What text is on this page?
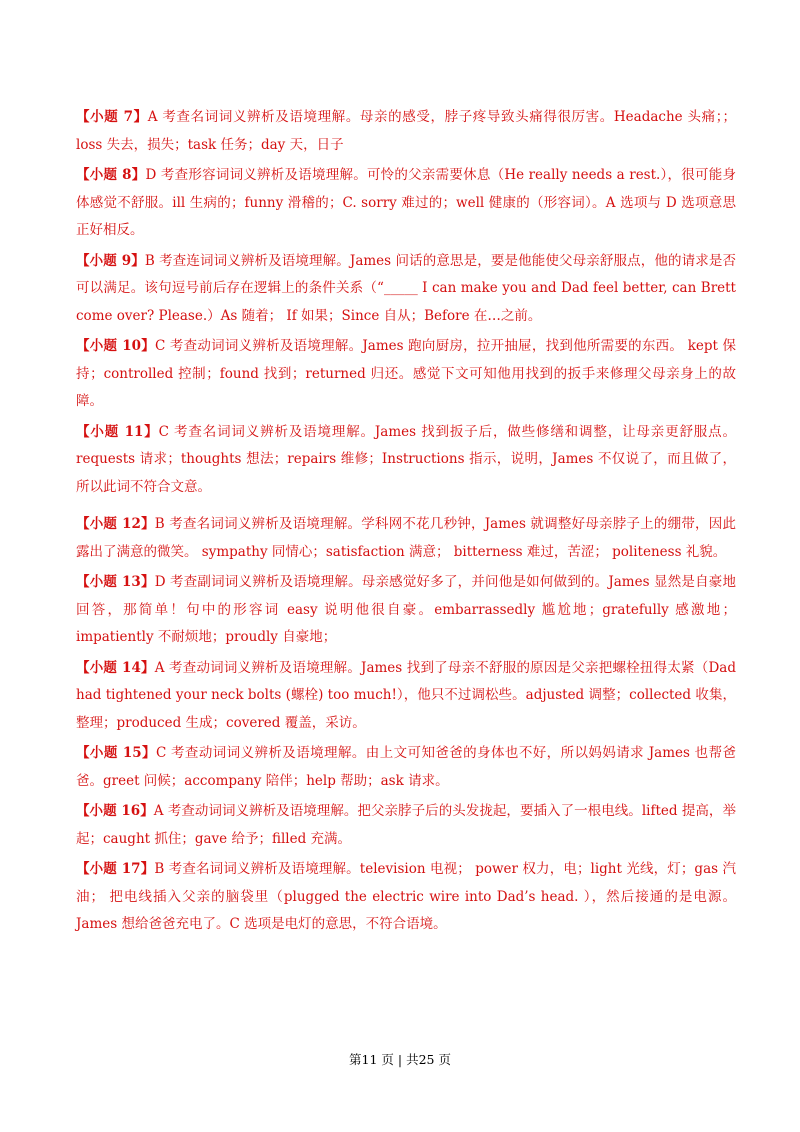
【小题 7】A 考查名词词义辨析及语境理解。母亲的感受，脖子疼导致头痛得很厉害。Headache 头痛；； loss 失去，损失；task 任务；day 天，日子

【小题 8】D 考查形容词词义辨析及语境理解。可怜的父亲需要休息（He really needs a rest.），很可能身体感觉不舒服。ill 生病的；funny 滑稽的；C. sorry 难过的；well 健康的（形容词）。A 选项与 D 选项意思正好相反。

【小题 9】B 考查连词词义辨析及语境理解。James 问话的意思是，要是他能使父母亲舒服点，他的请求是否可以满足。该句逗号前后存在逻辑上的条件关系（“_____ I can make you and Dad feel better, can Brett come over? Please.）As 随着； If 如果；Since 自从；Before 在…之前。

【小题 10】C 考查动词词义辨析及语境理解。James 跑向厨房，拉开抽屉，找到他所需要的东西。 kept 保持；controlled 控制；found 找到；returned 归还。感觉下文可知他用找到的扳手来修理父母亲身上的故障。

【小题 11】C 考查名词词义辨析及语境理解。James 找到扳子后，做些修缮和调整，让母亲更舒服点。requests 请求；thoughts 想法；repairs 维修；Instructions 指示，说明，James 不仅说了，而且做了，所以此词不符合文意。

【小题 12】B 考查名词词义辨析及语境理解。学科网不花几秒钟，James 就调整好母亲脖子上的绷带，因此露出了满意的微笑。 sympathy 同情心；satisfaction 满意； bitterness 难过，苦涩； politeness 礼貌。

【小题 13】D 考查副词词义辨析及语境理解。母亲感觉好多了，并问他是如何做到的。James 显然是自豪地回答，那简单！句中的形容词 easy 说明他很自豪。embarrassedly 尴尬地；gratefully 感激地；impatiently 不耐烦地；proudly 自豪地；

【小题 14】A 考查动词词义辨析及语境理解。James 找到了母亲不舒服的原因是父亲把螺栓扭得太紧（Dad had tightened your neck bolts (螺栓) too much!），他只不过调松些。adjusted 调整；collected 收集，整理；produced 生成；covered 覆盖，采访。

【小题 15】C 考查动词词义辨析及语境理解。由上文可知爸爸的身体也不好，所以妈妈请求 James 也帮爸爸。greet 问候；accompany 陪伴；help 帮助；ask 请求。

【小题 16】A 考查动词词义辨析及语境理解。把父亲脖子后的头发拢起，要插入了一根电线。lifted 提高，举起；caught 抓住；gave 给予；filled 充满。

【小题 17】B 考查名词词义辨析及语境理解。television 电视； power 权力，电；light 光线，灯；gas 汽油； 把电线插入父亲的脑袋里（plugged the electric wire into Dad’s head. ），然后接通的是电源。James 想给爸爸充电了。C 选项是电灯的意思，不符合语境。

第11 页 | 共25 页
